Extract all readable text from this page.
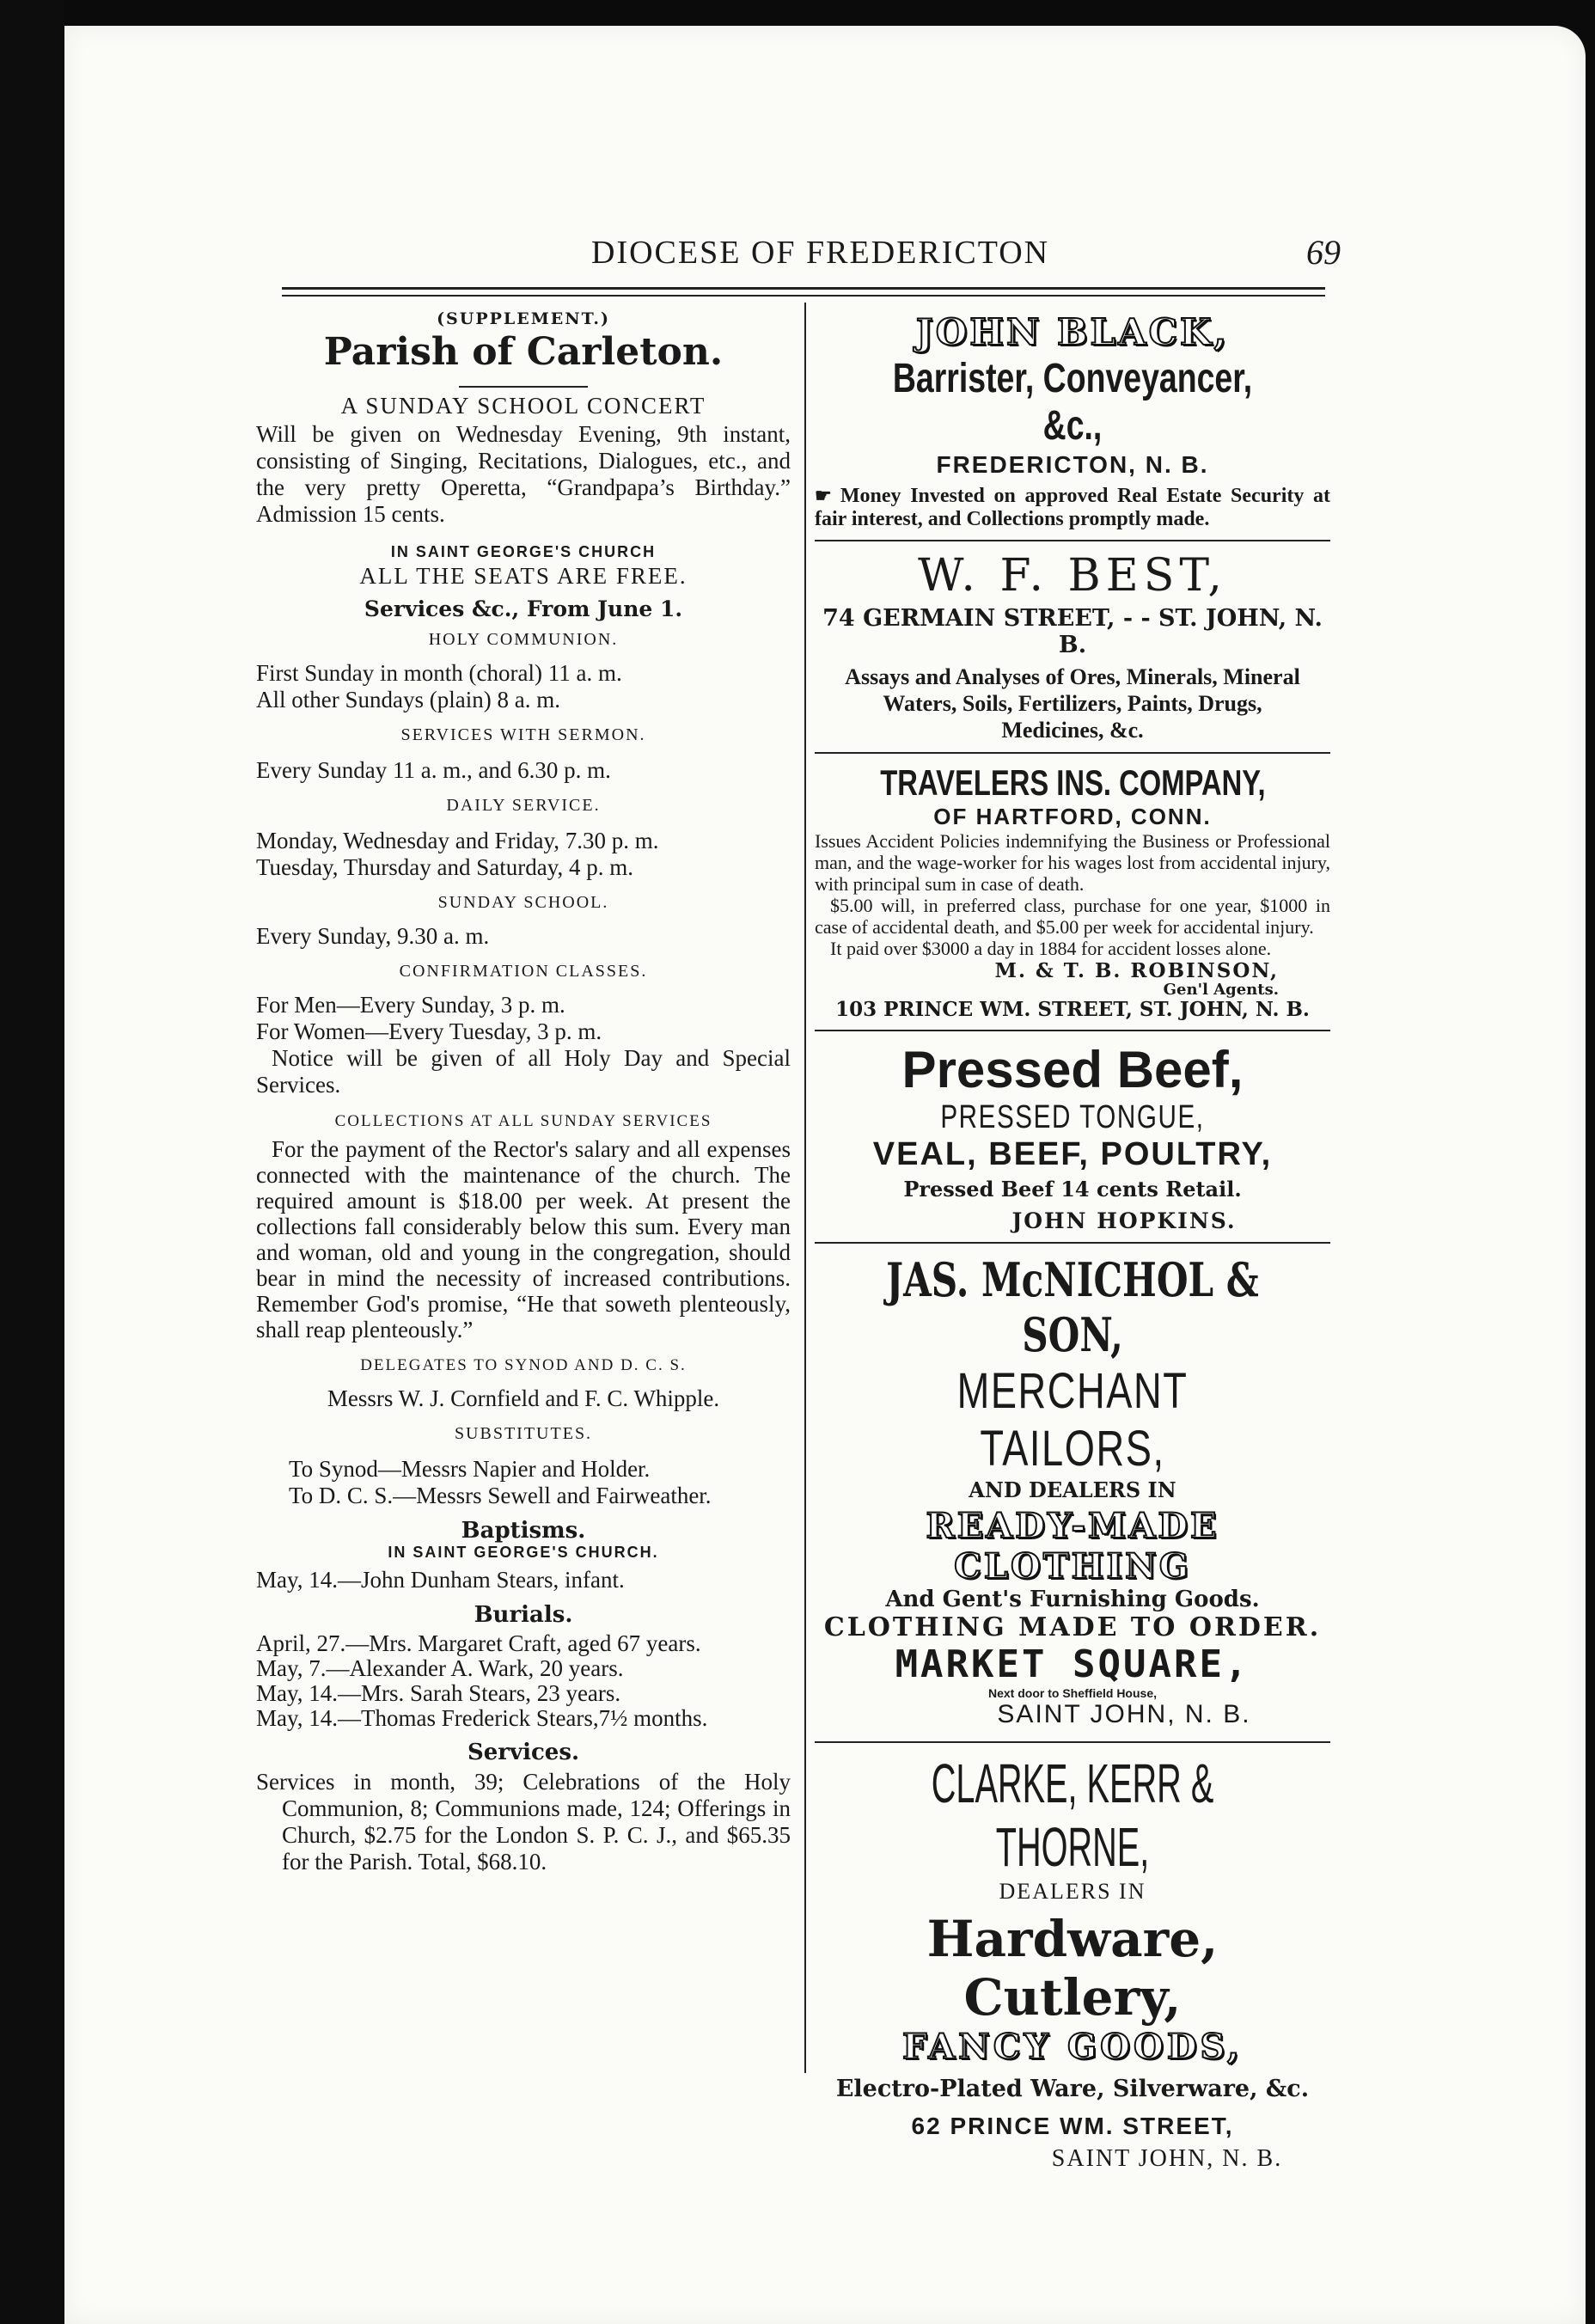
DIOCESE OF FREDERICTON	69
(SUPPLEMENT.)
Parish of Carleton.
A SUNDAY SCHOOL CONCERT
Will be given on Wednesday Evening, 9th instant, consisting of Singing, Recitations, Dialogues, etc., and the very pretty Operetta, “Grandpapa’s Birthday.” Admission 15 cents.
IN SAINT GEORGE'S CHURCH
ALL THE SEATS ARE FREE.
Services &c., From June 1.
HOLY COMMUNION.
First Sunday in month (choral) 11 a. m.
All other Sundays (plain) 8 a. m.
SERVICES WITH SERMON.
Every Sunday 11 a. m., and 6.30 p. m.
DAILY SERVICE.
Monday, Wednesday and Friday, 7.30 p. m.
Tuesday, Thursday and Saturday, 4 p. m.
SUNDAY SCHOOL.
Every Sunday, 9.30 a. m.
CONFIRMATION CLASSES.
For Men—Every Sunday, 3 p. m.
For Women—Every Tuesday, 3 p. m.
Notice will be given of all Holy Day and Special Services.
COLLECTIONS AT ALL SUNDAY SERVICES
For the payment of the Rector's salary and all expenses connected with the maintenance of the church. The required amount is $18.00 per week. At present the collections fall considerably below this sum. Every man and woman, old and young in the congregation, should bear in mind the necessity of increased contributions. Remember God's promise, “He that soweth plenteously, shall reap plenteously.”
DELEGATES TO SYNOD AND D. C. S.
Messrs W. J. Cornfield and F. C. Whipple.
SUBSTITUTES.
To Synod—Messrs Napier and Holder.
To D. C. S.—Messrs Sewell and Fairweather.
Baptisms.
IN SAINT GEORGE'S CHURCH.
May, 14.—John Dunham Stears, infant.
Burials.
April, 27.—Mrs. Margaret Craft, aged 67 years.
May, 7.—Alexander A. Wark, 20 years.
May, 14.—Mrs. Sarah Stears, 23 years.
May, 14.—Thomas Frederick Stears,7½ months.
Services.
Services in month, 39; Celebrations of the Holy Communion, 8; Communions made, 124; Offerings in Church, $2.75 for the London S. P. C. J., and $65.35 for the Parish. Total, $68.10.
JOHN BLACK,
Barrister, Conveyancer, &c.,
FREDERICTON, N. B.
☛ Money Invested on approved Real Estate Security at fair interest, and Collections promptly made.
W. F. BEST,
74 GERMAIN STREET, - - ST. JOHN, N. B.
Assays and Analyses of Ores, Minerals, Mineral Waters, Soils, Fertilizers, Paints, Drugs, Medicines, &c.
TRAVELERS INS. COMPANY,
OF HARTFORD, CONN.
Issues Accident Policies indemnifying the Business or Professional man, and the wage-worker for his wages lost from accidental injury, with principal sum in case of death.
$5.00 will, in preferred class, purchase for one year, $1000 in case of accidental death, and $5.00 per week for accidental injury.
It paid over $3000 a day in 1884 for accident losses alone.
M. & T. B. ROBINSON,
Gen'l Agents.
103 PRINCE WM. STREET, ST. JOHN, N. B.
Pressed Beef,
PRESSED TONGUE,
VEAL, BEEF, POULTRY,
Pressed Beef 14 cents Retail.
JOHN HOPKINS.
JAS. McNICHOL & SON,
MERCHANT TAILORS,
AND DEALERS IN
READY-MADE CLOTHING
And Gent's Furnishing Goods.
CLOTHING MADE TO ORDER.
MARKET SQUARE,
Next door to Sheffield House,
SAINT JOHN, N. B.
CLARKE, KERR & THORNE,
DEALERS IN
Hardware, Cutlery,
FANCY GOODS,
Electro-Plated Ware, Silverware, &c.
62 PRINCE WM. STREET,
SAINT JOHN, N. B.
